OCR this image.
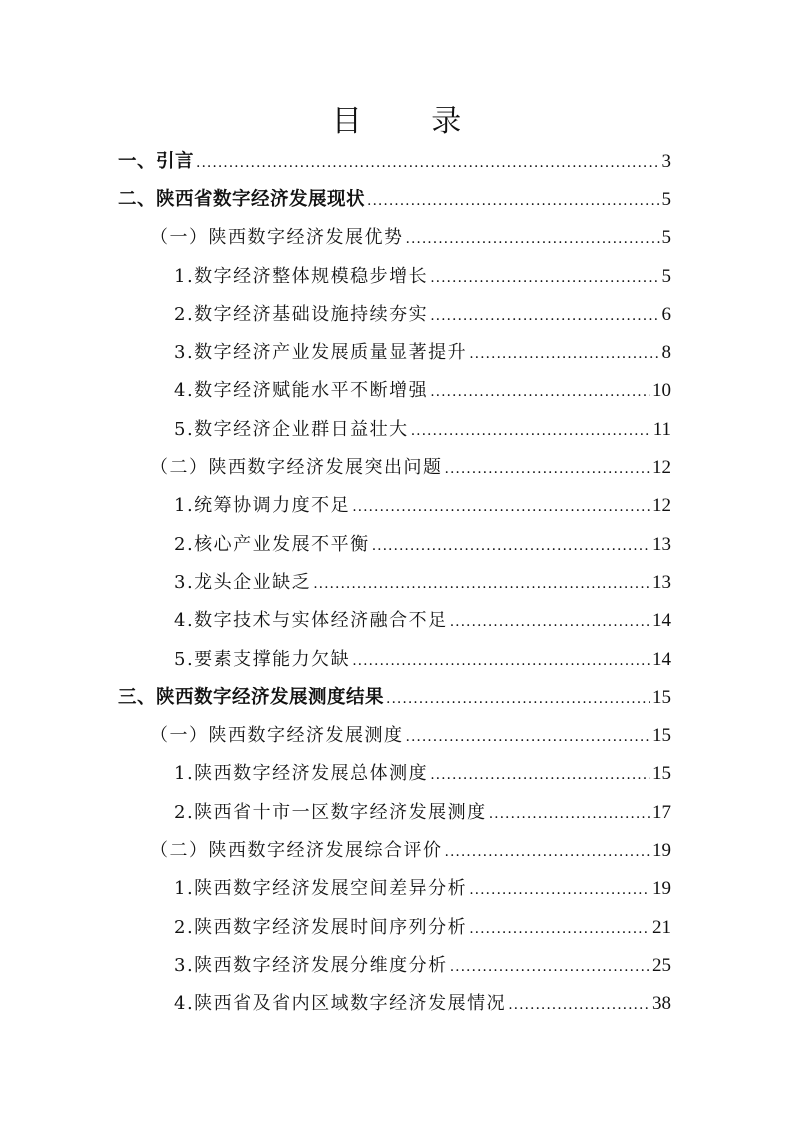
目 录
一、引言 .....	3
二、陕西省数字经济发展现状 .....	5
（一）陕西数字经济发展优势 .....	5
1.数字经济整体规模稳步增长 .....	5
2.数字经济基础设施持续夯实 .....	6
3.数字经济产业发展质量显著提升 .....	8
4.数字经济赋能水平不断增强 .....	10
5.数字经济企业群日益壮大 .....	11
（二）陕西数字经济发展突出问题 .....	12
1.统筹协调力度不足 .....	12
2.核心产业发展不平衡 .....	13
3.龙头企业缺乏 .....	13
4.数字技术与实体经济融合不足 .....	14
5.要素支撑能力欠缺 .....	14
三、陕西数字经济发展测度结果 .....	15
（一）陕西数字经济发展测度 .....	15
1.陕西数字经济发展总体测度 .....	15
2.陕西省十市一区数字经济发展测度 .....	17
（二）陕西数字经济发展综合评价 .....	19
1.陕西数字经济发展空间差异分析 .....	19
2.陕西数字经济发展时间序列分析 .....	21
3.陕西数字经济发展分维度分析 .....	25
4.陕西省及省内区域数字经济发展情况 .....	38
